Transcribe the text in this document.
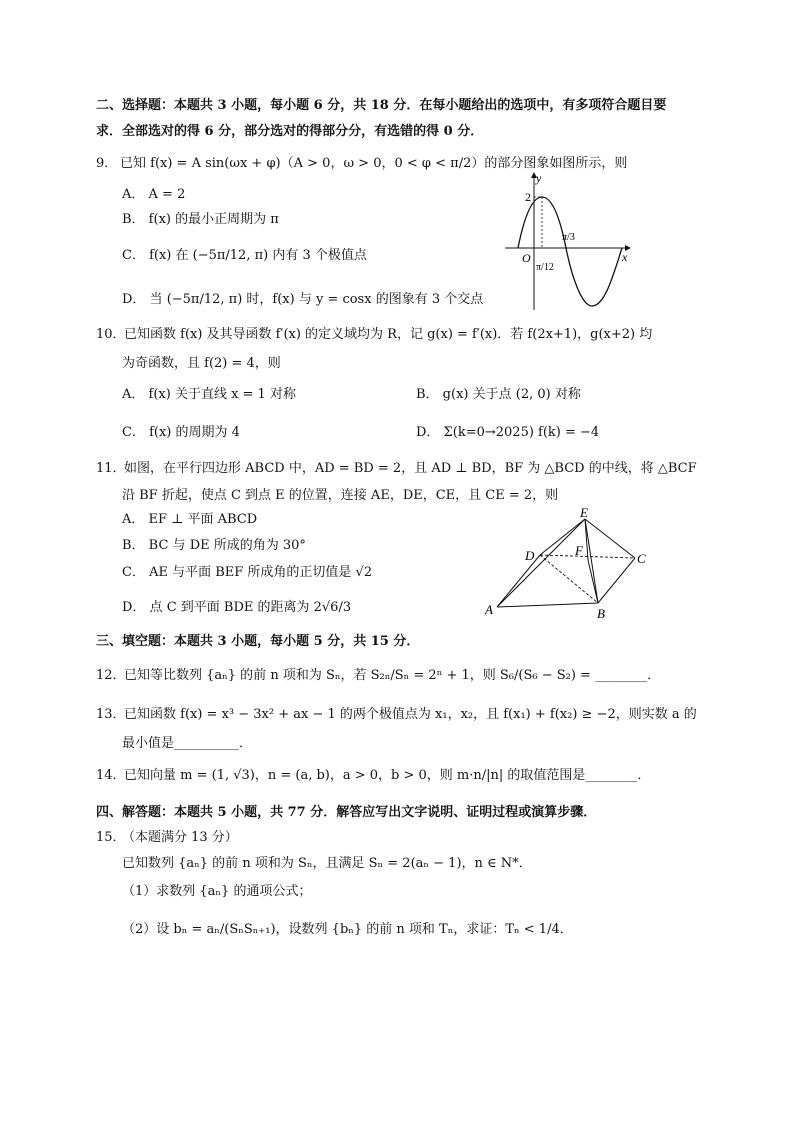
二、选择题：本题共 3 小题，每小题 6 分，共 18 分．在每小题给出的选项中，有多项符合题目要
求．全部选对的得 6 分，部分选对的得部分分，有选错的得 0 分．
9． 已知 f(x) = A sin(ωx + φ)（A > 0，ω > 0，0 < φ < π/2）的部分图象如图所示，则
A． A = 2
B． f(x) 的最小正周期为 π
C． f(x) 在 (−5π/12, π) 内有 3 个极值点
D． 当 (−5π/12, π) 时，f(x) 与 y = cosx 的图象有 3 个交点
y
x
O
2
π/12
π/3
10．
已知函数 f(x) 及其导函数 f′(x) 的定义域均为 R，记 g(x) = f′(x)．若 f(2x+1)，g(x+2) 均
为奇函数，且 f(2) = 4，则
A． f(x) 关于直线 x = 1 对称	B． g(x) 关于点 (2, 0) 对称
C． f(x) 的周期为 4	D． Σ(k=0→2025) f(k) = −4
11．
如图，在平行四边形 ABCD 中，AD = BD = 2，且 AD ⊥ BD，BF 为 △BCD 的中线，将 △BCF
沿 BF 折起，使点 C 到点 E 的位置，连接 AE，DE，CE，且 CE = 2，则
A． EF ⊥ 平面 ABCD
B． BC 与 DE 所成的角为 30°
C． AE 与平面 BEF 所成角的正切值是 √2
D． 点 C 到平面 BDE 的距离为 2√6/3	A	B
C
D
E
F
三、填空题：本题共 3 小题，每小题 5 分，共 15 分．
12．
已知等比数列 {aₙ} 的前 n 项和为 Sₙ，若 S₂ₙ/Sₙ = 2ⁿ + 1，则 S₆/(S₆ − S₂) = ________．
13．
已知函数 f(x) = x³ − 3x² + ax − 1 的两个极值点为 x₁，x₂，且 f(x₁) + f(x₂) ≥ −2，则实数 a 的
最小值是__________．
14．
已知向量 m = (1, √3)，n = (a, b)，a > 0，b > 0，则 m·n/|n| 的取值范围是________．
四、解答题：本题共 5 小题，共 77 分．解答应写出文字说明、证明过程或演算步骤．
15．
（本题满分 13 分）
已知数列 {aₙ} 的前 n 项和为 Sₙ，且满足 Sₙ = 2(aₙ − 1)，n ∈ N*．
（1）求数列 {aₙ} 的通项公式；
（2）设 bₙ = aₙ/(SₙSₙ₊₁)，设数列 {bₙ} 的前 n 项和 Tₙ，求证：Tₙ < 1/4．
